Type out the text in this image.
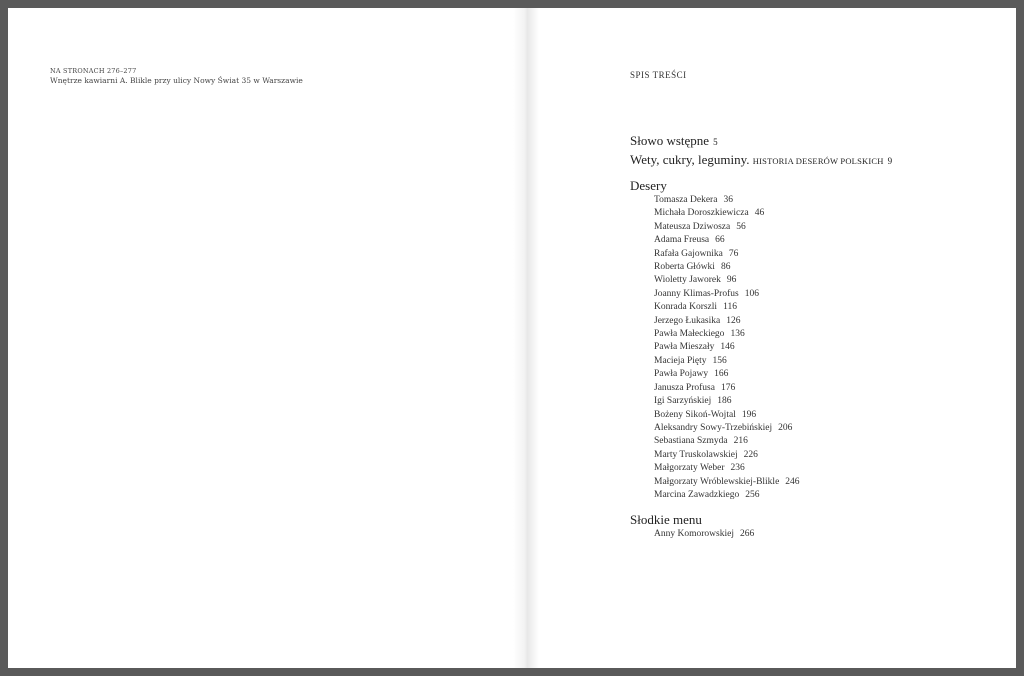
NA STRONACH 276–277
Wnętrze kawiarni A. Blikle przy ulicy Nowy Świat 35 w Warszawie
SPIS TREŚCI

Słowo wstępne 5

Wety, cukry, leguminy. HISTORIA DESERÓW POLSKICH 9

Desery
Tomasza Dekera 36
Michała Doroszkiewicza 46
Mateusza Dziwosza 56
Adama Freusa 66
Rafała Gajownika 76
Roberta Główki 86
Wioletty Jaworek 96
Joanny Klimas-Profus 106
Konrada Korszli 116
Jerzego Łukasika 126
Pawła Małeckiego 136
Pawła Mieszały 146
Macieja Pięty 156
Pawła Pojawy 166
Janusza Profusa 176
Igi Sarzyńskiej 186
Bożeny Sikoń-Wojtal 196
Aleksandry Sowy-Trzebińskiej 206
Sebastiana Szmyda 216
Marty Truskolawskiej 226
Małgorzaty Weber 236
Małgorzaty Wróblewskiej-Blikle 246
Marcina Zawadzkiego 256
Słodkie menu
Anny Komorowskiej 266
